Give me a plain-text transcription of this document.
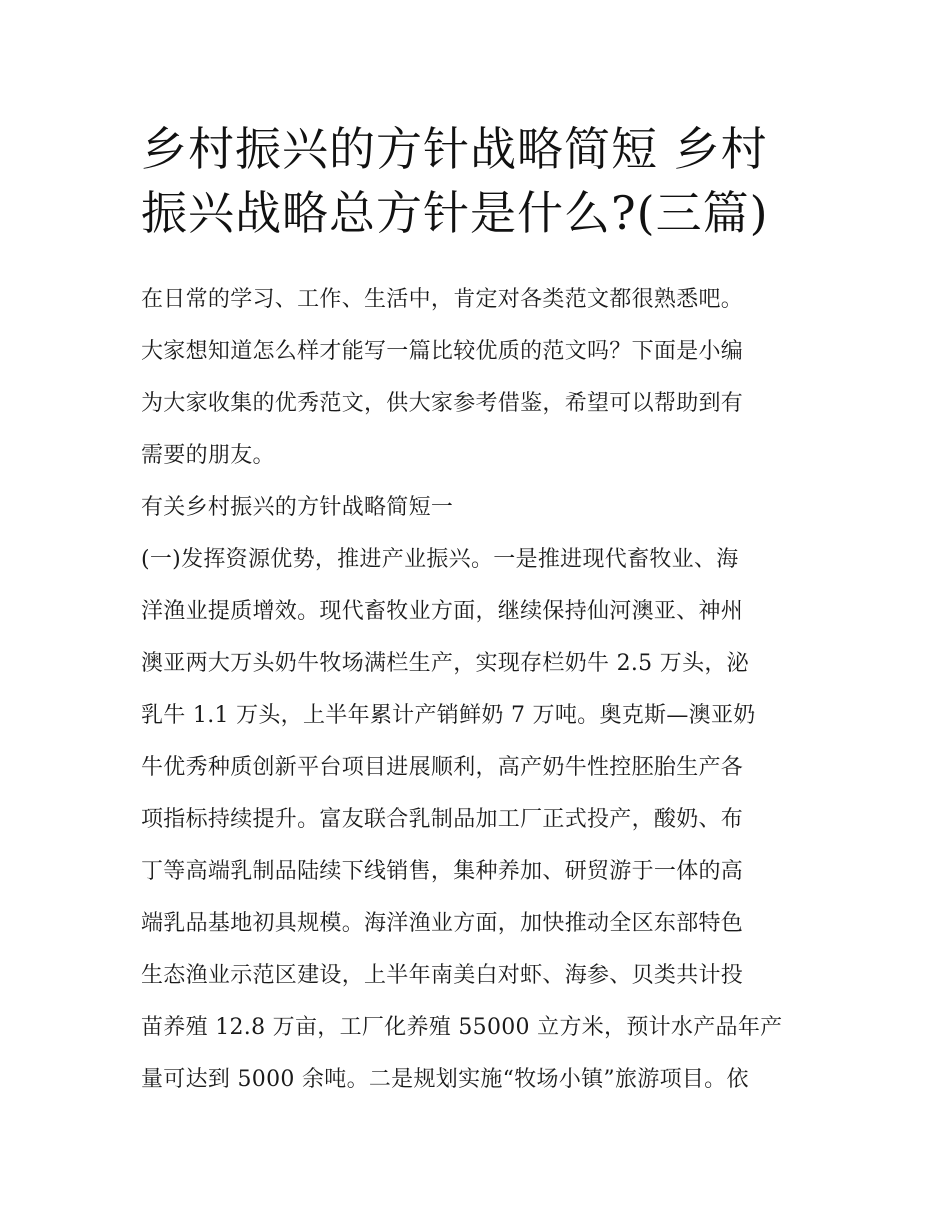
乡村振兴的方针战略简短 乡村
振兴战略总方针是什么?(三篇)
在日常的学习、工作、生活中，肯定对各类范文都很熟悉吧。
大家想知道怎么样才能写一篇比较优质的范文吗？下面是小编
为大家收集的优秀范文，供大家参考借鉴，希望可以帮助到有
需要的朋友。
有关乡村振兴的方针战略简短一
(一)发挥资源优势，推进产业振兴。一是推进现代畜牧业、海
洋渔业提质增效。现代畜牧业方面，继续保持仙河澳亚、神州
澳亚两大万头奶牛牧场满栏生产，实现存栏奶牛 2.5 万头，泌
乳牛 1.1 万头，上半年累计产销鲜奶 7 万吨。奥克斯—澳亚奶
牛优秀种质创新平台项目进展顺利，高产奶牛性控胚胎生产各
项指标持续提升。富友联合乳制品加工厂正式投产，酸奶、布
丁等高端乳制品陆续下线销售，集种养加、研贸游于一体的高
端乳品基地初具规模。海洋渔业方面，加快推动全区东部特色
生态渔业示范区建设，上半年南美白对虾、海参、贝类共计投
苗养殖 12.8 万亩，工厂化养殖 55000 立方米，预计水产品年产
量可达到 5000 余吨。二是规划实施“牧场小镇”旅游项目。依
